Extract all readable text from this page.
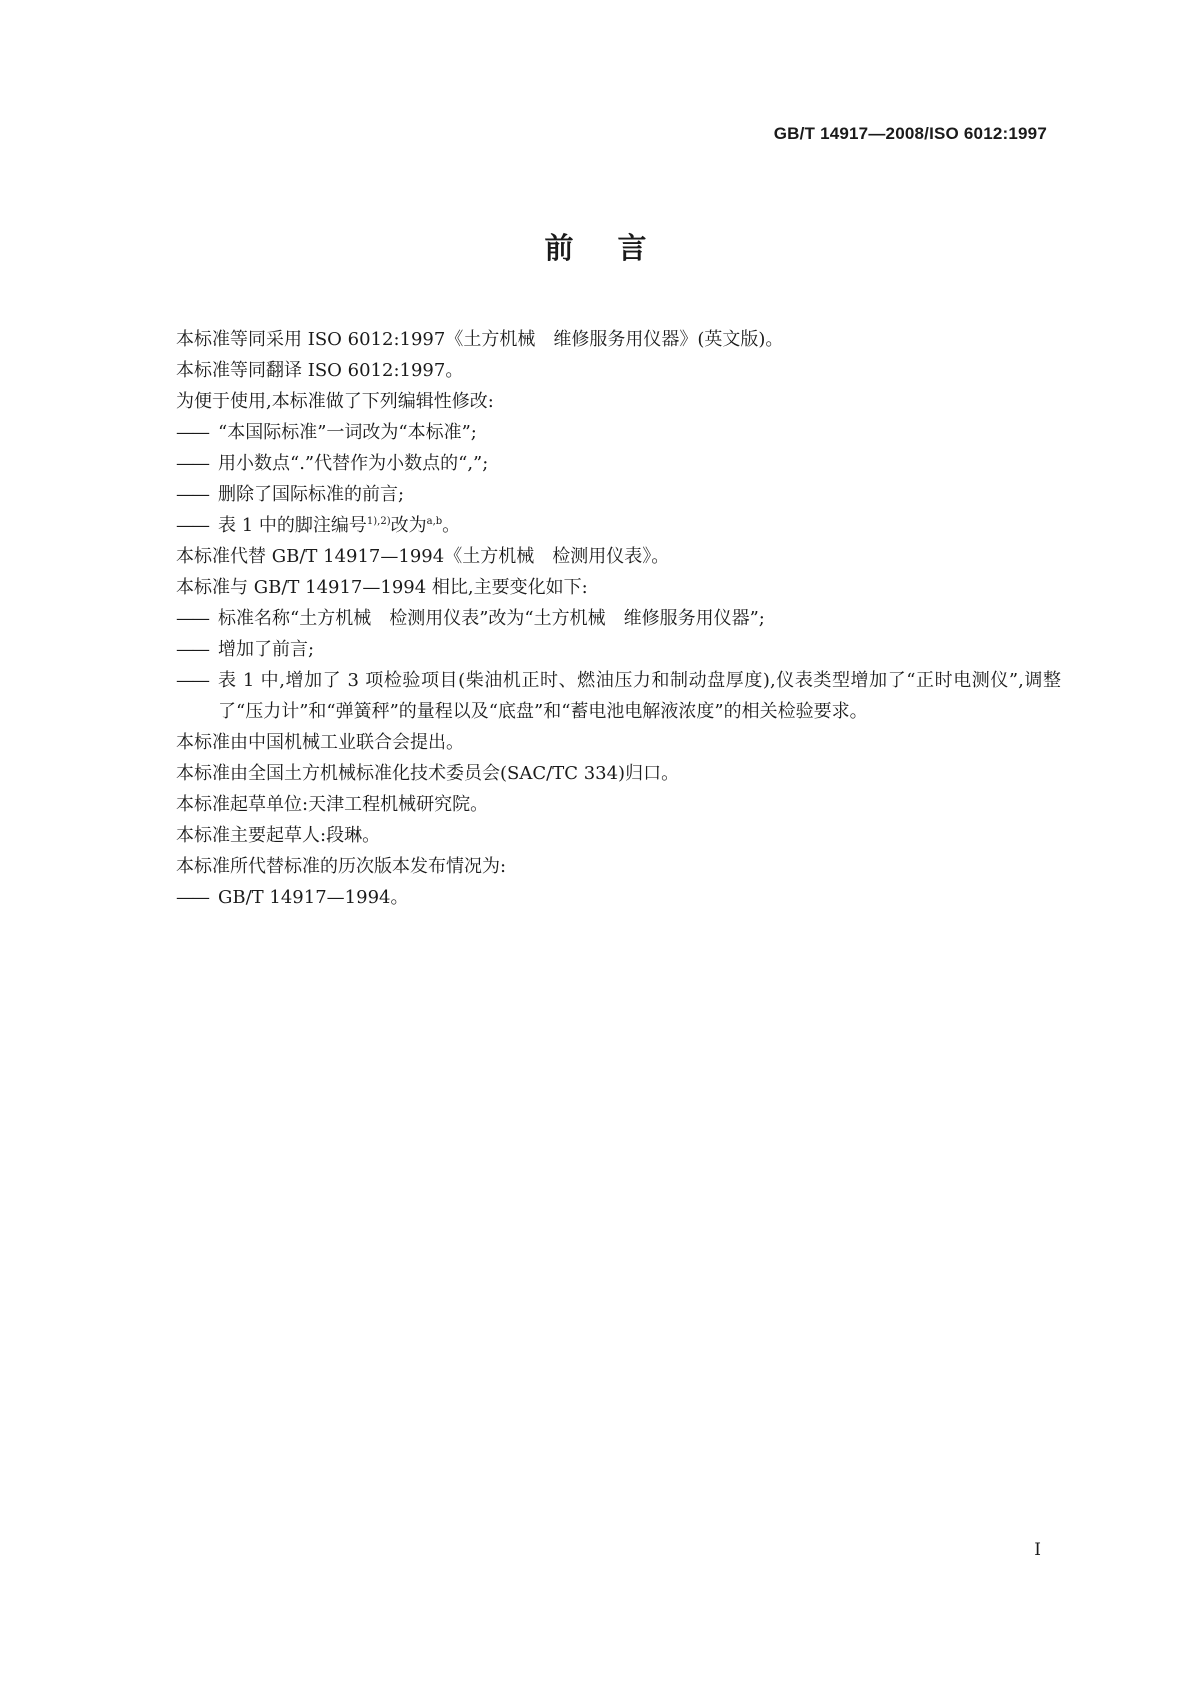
GB/T 14917—2008/ISO 6012:1997
前言
本标准等同采用 ISO 6012:1997《土方机械　维修服务用仪器》(英文版)。
本标准等同翻译 ISO 6012:1997。
为便于使用,本标准做了下列编辑性修改:
—— “本国际标准”一词改为“本标准”;
—— 用小数点“.”代替作为小数点的“,”;
—— 删除了国际标准的前言;
—— 表 1 中的脚注编号$^{1),2)}$改为$^{a,b}$。
本标准代替 GB/T 14917—1994《土方机械　检测用仪表》。
本标准与 GB/T 14917—1994 相比,主要变化如下:
—— 标准名称“土方机械　检测用仪表”改为“土方机械　维修服务用仪器”;
—— 增加了前言;
—— 表 1 中,增加了 3 项检验项目(柴油机正时、燃油压力和制动盘厚度),仪表类型增加了“正时电测仪”,调整了“压力计”和“弹簧秤”的量程以及“底盘”和“蓄电池电解液浓度”的相关检验要求。
本标准由中国机械工业联合会提出。
本标准由全国土方机械标准化技术委员会(SAC/TC 334)归口。
本标准起草单位:天津工程机械研究院。
本标准主要起草人:段琳。
本标准所代替标准的历次版本发布情况为:
—— GB/T 14917—1994。
I
